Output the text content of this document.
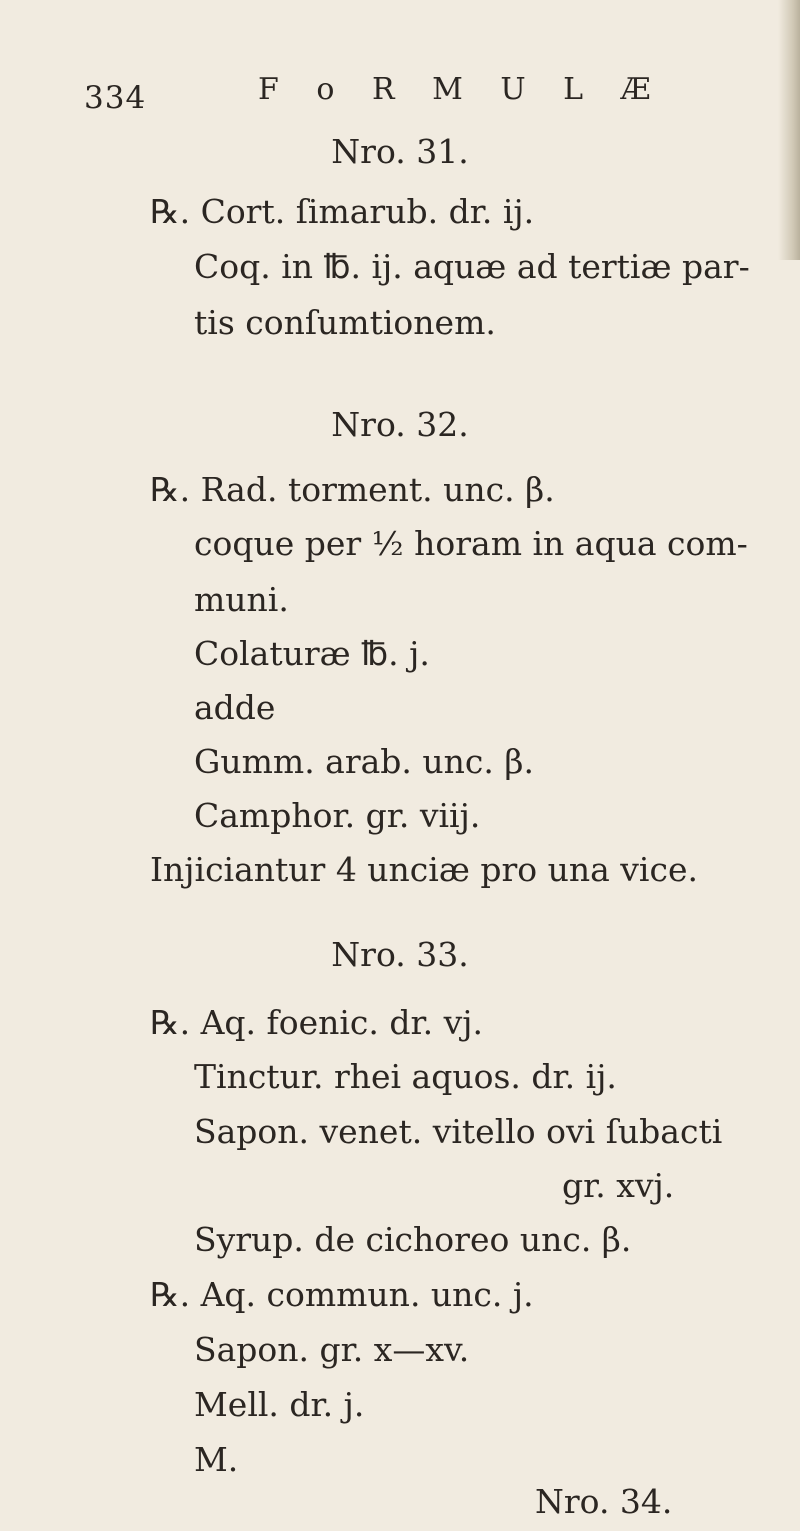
334	F o R M U L Æ
Nro. 31.
℞. Cort. ſimarub. dr. ij.
Coq. in ℔. ij. aquæ ad tertiæ par-
tis conſumtionem.
Nro. 32.
℞. Rad. torment. unc. β.
coque per ½ horam in aqua com-
muni.
Colaturæ ℔. j.
adde
Gumm. arab. unc. β.
Camphor. gr. viij.
Injiciantur 4 unciæ pro una vice.
Nro. 33.
℞. Aq. foenic. dr. vj.
Tinctur. rhei aquos. dr. ij.
Sapon. venet. vitello ovi ſubacti
gr. xvj.
Syrup. de cichoreo unc. β.
℞. Aq. commun. unc. j.
Sapon. gr. x—xv.
Mell. dr. j.
M.
Nro. 34.
